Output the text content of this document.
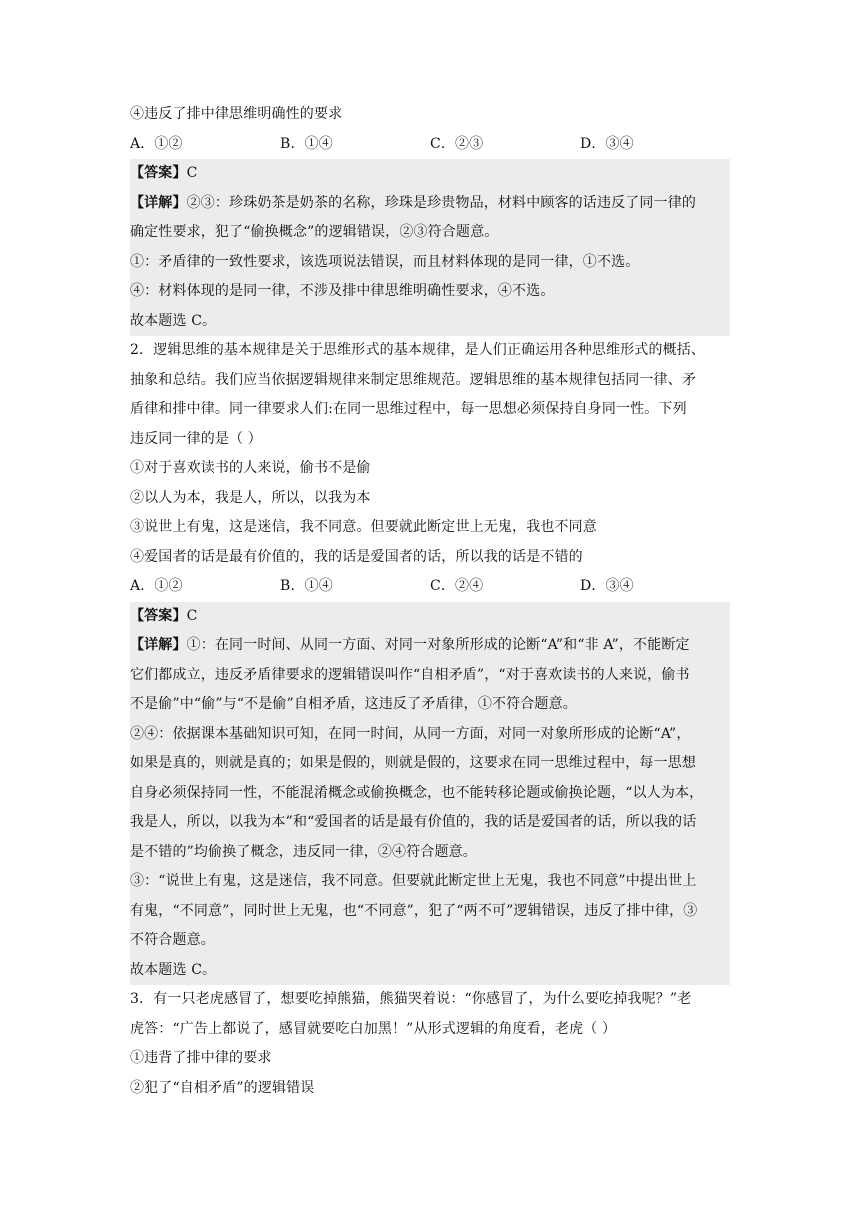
④违反了排中律思维明确性的要求
A．①②	B．①④	C．②③	D．③④
【答案】C
【详解】②③：珍珠奶茶是奶茶的名称，珍珠是珍贵物品，材料中顾客的话违反了同一律的
确定性要求，犯了“偷换概念”的逻辑错误，②③符合题意。
①：矛盾律的一致性要求，该选项说法错误，而且材料体现的是同一律，①不选。
④：材料体现的是同一律，不涉及排中律思维明确性要求，④不选。
故本题选 C。
2．逻辑思维的基本规律是关于思维形式的基本规律，是人们正确运用各种思维形式的概括、
抽象和总结。我们应当依据逻辑规律来制定思维规范。逻辑思维的基本规律包括同一律、矛
盾律和排中律。同一律要求人们:在同一思维过程中，每一思想必须保持自身同一性。下列
违反同一律的是（ ）
①对于喜欢读书的人来说，偷书不是偷
②以人为本，我是人，所以，以我为本
③说世上有鬼，这是迷信，我不同意。但要就此断定世上无鬼，我也不同意
④爱国者的话是最有价值的，我的话是爱国者的话，所以我的话是不错的
A．①②	B．①④	C．②④	D．③④
【答案】C
【详解】①：在同一时间、从同一方面、对同一对象所形成的论断“A”和“非 A”，不能断定
它们都成立，违反矛盾律要求的逻辑错误叫作“自相矛盾”，“对于喜欢读书的人来说，偷书
不是偷”中“偷”与“不是偷”自相矛盾，这违反了矛盾律，①不符合题意。
②④：依据课本基础知识可知，在同一时间，从同一方面，对同一对象所形成的论断“A”，
如果是真的，则就是真的；如果是假的，则就是假的，这要求在同一思维过程中，每一思想
自身必须保持同一性，不能混淆概念或偷换概念，也不能转移论题或偷换论题，“以人为本，
我是人，所以，以我为本”和“爱国者的话是最有价值的，我的话是爱国者的话，所以我的话
是不错的”均偷换了概念，违反同一律，②④符合题意。
③：“说世上有鬼，这是迷信，我不同意。但要就此断定世上无鬼，我也不同意”中提出世上
有鬼，“不同意”，同时世上无鬼，也“不同意”，犯了“两不可”逻辑错误，违反了排中律，③
不符合题意。
故本题选 C。
3．有一只老虎感冒了，想要吃掉熊猫，熊猫哭着说：“你感冒了，为什么要吃掉我呢？”老
虎答：“广告上都说了，感冒就要吃白加黑！”从形式逻辑的角度看，老虎（ ）
①违背了排中律的要求
②犯了“自相矛盾”的逻辑错误
